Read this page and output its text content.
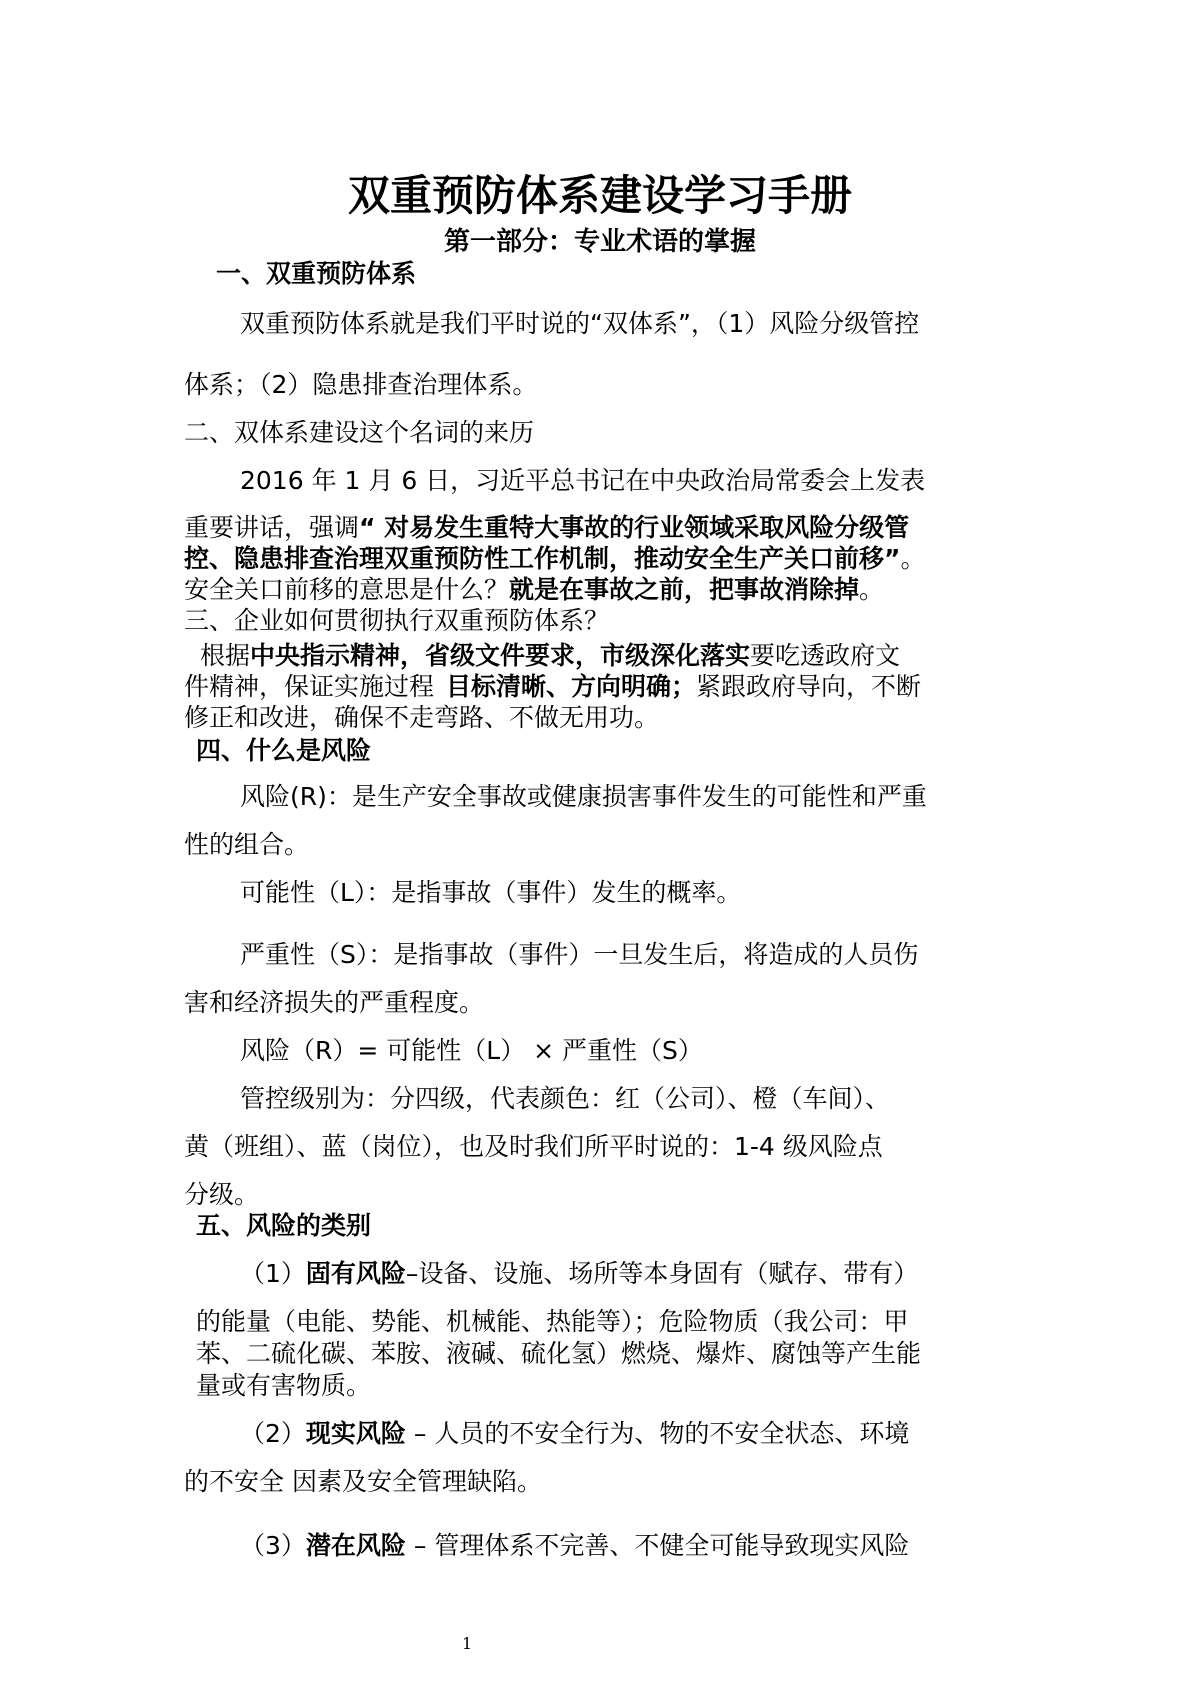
双重预防体系建设学习手册
第一部分：专业术语的掌握
一、双重预防体系
双重预防体系就是我们平时说的“双体系”，（1）风险分级管控
体系；（2）隐患排查治理体系。
二、双体系建设这个名词的来历
2016 年 1 月 6 日，习近平总书记在中央政治局常委会上发表
重要讲话，强调“ 对易发生重特大事故的行业领域采取风险分级管
控、隐患排查治理双重预防性工作机制，推动安全生产关口前移”。
安全关口前移的意思是什么？就是在事故之前，把事故消除掉。
三、企业如何贯彻执行双重预防体系？
根据中央指示精神，省级文件要求，市级深化落实要吃透政府文
件精神，保证实施过程 目标清晰、方向明确；紧跟政府导向，不断
修正和改进，确保不走弯路、不做无用功。
四、什么是风险
风险(R)：是生产安全事故或健康损害事件发生的可能性和严重
性的组合。
可能性（L）：是指事故（事件）发生的概率。
严重性（S）：是指事故（事件）一旦发生后，将造成的人员伤
害和经济损失的严重程度。
风险（R）= 可能性（L） × 严重性（S）
管控级别为：分四级，代表颜色：红（公司）、橙（车间）、
黄（班组）、蓝（岗位），也及时我们所平时说的：1-4 级风险点
分级。
五、风险的类别
（1）固有风险–设备、设施、场所等本身固有（赋存、带有）
的能量（电能、势能、机械能、热能等）；危险物质（我公司：甲
苯、二硫化碳、苯胺、液碱、硫化氢）燃烧、爆炸、腐蚀等产生能
量或有害物质。
（2）现实风险 – 人员的不安全行为、物的不安全状态、环境
的不安全 因素及安全管理缺陷。
（3）潜在风险 – 管理体系不完善、不健全可能导致现实风险
1
